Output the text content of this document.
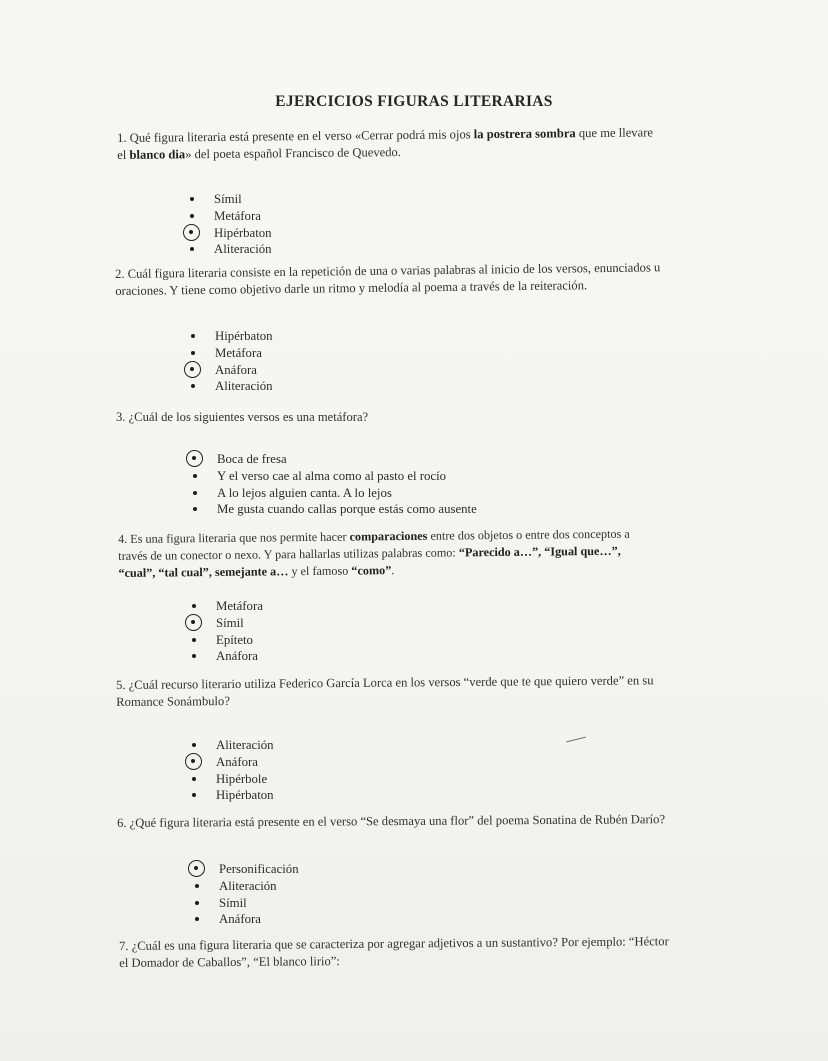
EJERCICIOS FIGURAS LITERARIAS
1. Qué figura literaria está presente en el verso «Cerrar podrá mis ojos la postrera sombra que me llevare
el blanco dia» del poeta español Francisco de Quevedo.
Símil
Metáfora
Hipérbaton
Aliteración
2. Cuál figura literaria consiste en la repetición de una o varias palabras al inicio de los versos, enunciados u
oraciones. Y tiene como objetivo darle un ritmo y melodía al poema a través de la reiteración.
Hipérbaton
Metáfora
Anáfora
Aliteración
3. ¿Cuál de los siguientes versos es una metáfora?
Boca de fresa
Y el verso cae al alma como al pasto el rocío
A lo lejos alguien canta. A lo lejos
Me gusta cuando callas porque estás como ausente
4. Es una figura literaria que nos permite hacer comparaciones entre dos objetos o entre dos conceptos a
través de un conector o nexo. Y para hallarlas utilizas palabras como: “Parecido a…”, “Igual que…”,
“cual”, “tal cual”, semejante a… y el famoso “como”.
Metáfora
Símil
Epíteto
Anáfora
5. ¿Cuál recurso literario utiliza Federico García Lorca en los versos “verde que te que quiero verde” en su
Romance Sonámbulo?
Aliteración
Anáfora
Hipérbole
Hipérbaton
6. ¿Qué figura literaria está presente en el verso “Se desmaya una flor” del poema Sonatina de Rubén Darío?
Personificación
Aliteración
Símil
Anáfora
7. ¿Cuál es una figura literaria que se caracteriza por agregar adjetivos a un sustantivo? Por ejemplo: “Héctor
el Domador de Caballos”, “El blanco lirio”:
